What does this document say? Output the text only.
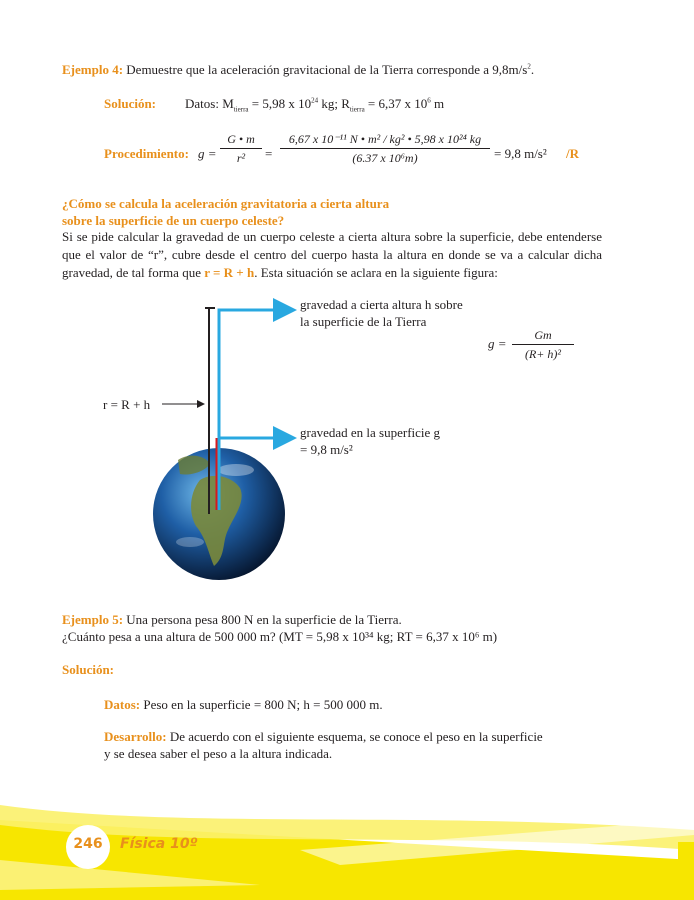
Ejemplo 4: Demuestre que la aceleración gravitacional de la Tierra corresponde a $9,8m/s^2$.
Solución: Datos: $M_{tierra} = 5,98$ x $10^{24}$ kg; $R_{tierra} = 6,37$ x $10^6$ m
Procedimiento: $g = \frac{G • m}{\text{r²}} = \frac{\text{6,67 x 10⁻¹¹ N • m² / kg² • 5,98 x 10²⁴ kg}}{\text{(6.37 x 10⁶m)}} = 9,8$ m/s² /R
¿Cómo se calcula la aceleración gravitatoria a cierta altura
sobre la superficie de un cuerpo celeste?
Si se pide calcular la gravedad de un cuerpo celeste a cierta altura sobre la superficie, debe entenderse que el valor de “r”, cubre desde el centro del cuerpo hasta la altura en donde se va a calcular dicha gravedad, de tal forma que r = R + h. Esta situación se aclara en la siguiente figura:
gravedad a cierta altura h sobre
la superficie de la Tierra
r = R + h
gravedad en la superficie g
= 9,8 m/s²
$g = \frac{Gm}{\text{(R+ h)²}}$
Ejemplo 5: Una persona pesa 800 N en la superficie de la Tierra.
¿Cuánto pesa a una altura de 500 000 m? (MT = 5,98 x 10³⁴ kg; RT = 6,37 x 10⁶ m)
Solución:
Datos: Peso en la superficie = 800 N; h = 500 000 m.
Desarrollo: De acuerdo con el siguiente esquema, se conoce el peso en la superficie
y se desea saber el peso a la altura indicada.
246	Física 10º
